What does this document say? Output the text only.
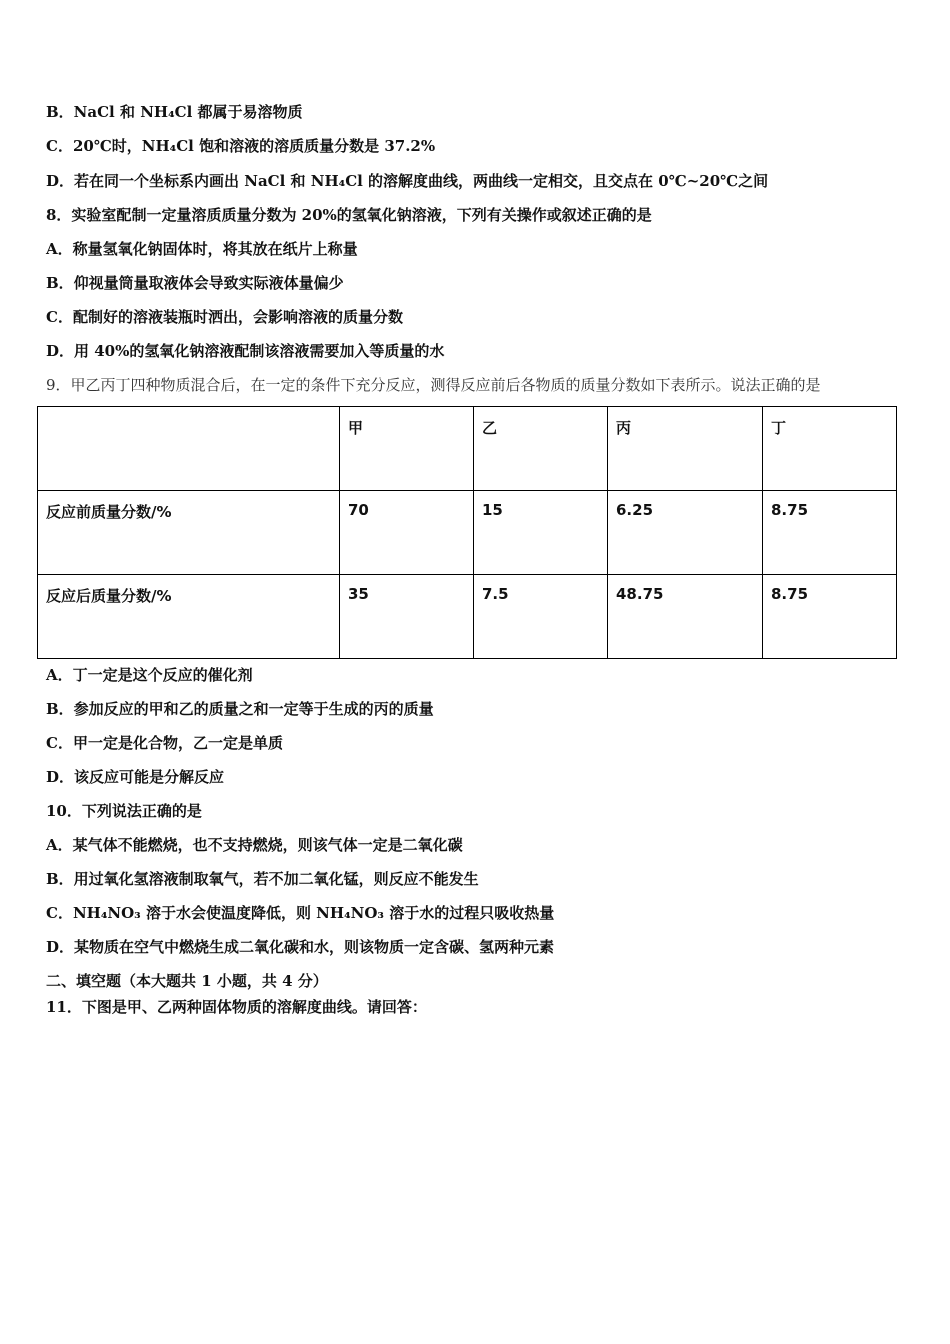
B．NaCl 和 NH₄Cl 都属于易溶物质
C．20℃时，NH₄Cl 饱和溶液的溶质质量分数是 37.2%
D．若在同一个坐标系内画出 NaCl 和 NH₄Cl 的溶解度曲线，两曲线一定相交，且交点在 0℃~20℃之间
8．实验室配制一定量溶质质量分数为 20%的氢氧化钠溶液，下列有关操作或叙述正确的是
A．称量氢氧化钠固体时，将其放在纸片上称量
B．仰视量筒量取液体会导致实际液体量偏少
C．配制好的溶液装瓶时洒出，会影响溶液的质量分数
D．用 40%的氢氧化钠溶液配制该溶液需要加入等质量的水
9．甲乙丙丁四种物质混合后，在一定的条件下充分反应，测得反应前后各物质的质量分数如下表所示。说法正确的是
	甲	乙	丙	丁
反应前质量分数/%	70	15	6.25	8.75
反应后质量分数/%	35	7.5	48.75	8.75
A．丁一定是这个反应的催化剂
B．参加反应的甲和乙的质量之和一定等于生成的丙的质量
C．甲一定是化合物，乙一定是单质
D．该反应可能是分解反应
10．下列说法正确的是
A．某气体不能燃烧，也不支持燃烧，则该气体一定是二氧化碳
B．用过氧化氢溶液制取氧气，若不加二氧化锰，则反应不能发生
C．NH₄NO₃ 溶于水会使温度降低，则 NH₄NO₃ 溶于水的过程只吸收热量
D．某物质在空气中燃烧生成二氧化碳和水，则该物质一定含碳、氢两种元素
二、填空题（本大题共 1 小题，共 4 分）
11．下图是甲、乙两种固体物质的溶解度曲线。请回答：
